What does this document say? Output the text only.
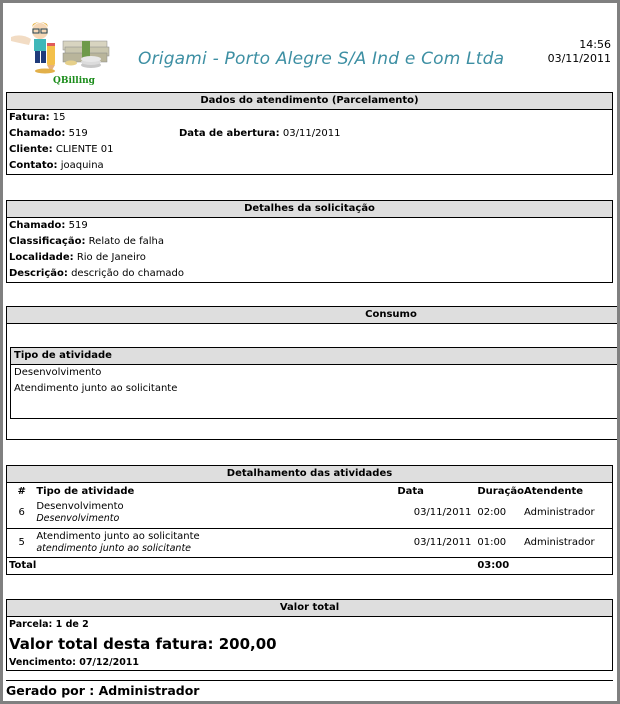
QBilling
Origami - Porto Alegre S/A Ind e Com Ltda
14:56
03/11/2011
Dados do atendimento (Parcelamento)
Fatura: 15
Chamado: 519	Data de abertura: 03/11/2011
Cliente: CLIENTE 01
Contato: joaquina
Detalhes da solicitação
Chamado: 519
Classificação: Relato de falha
Localidade: Rio de Janeiro
Descrição: descrição do chamado
Consumo
Tipo de atividade
Desenvolvimento
Atendimento junto ao solicitante
Detalhamento das atividades
#	Tipo de atividade	Data	Duração	Atendente
6	Desenvolvimento
Desenvolvimento	03/11/2011	02:00	Administrador
5	Atendimento junto ao solicitante
atendimento junto ao solicitante	03/11/2011	01:00	Administrador
Total			03:00	
Valor total
Parcela: 1 de 2
Valor total desta fatura: 200,00
Vencimento: 07/12/2011
Gerado por : Administrador
